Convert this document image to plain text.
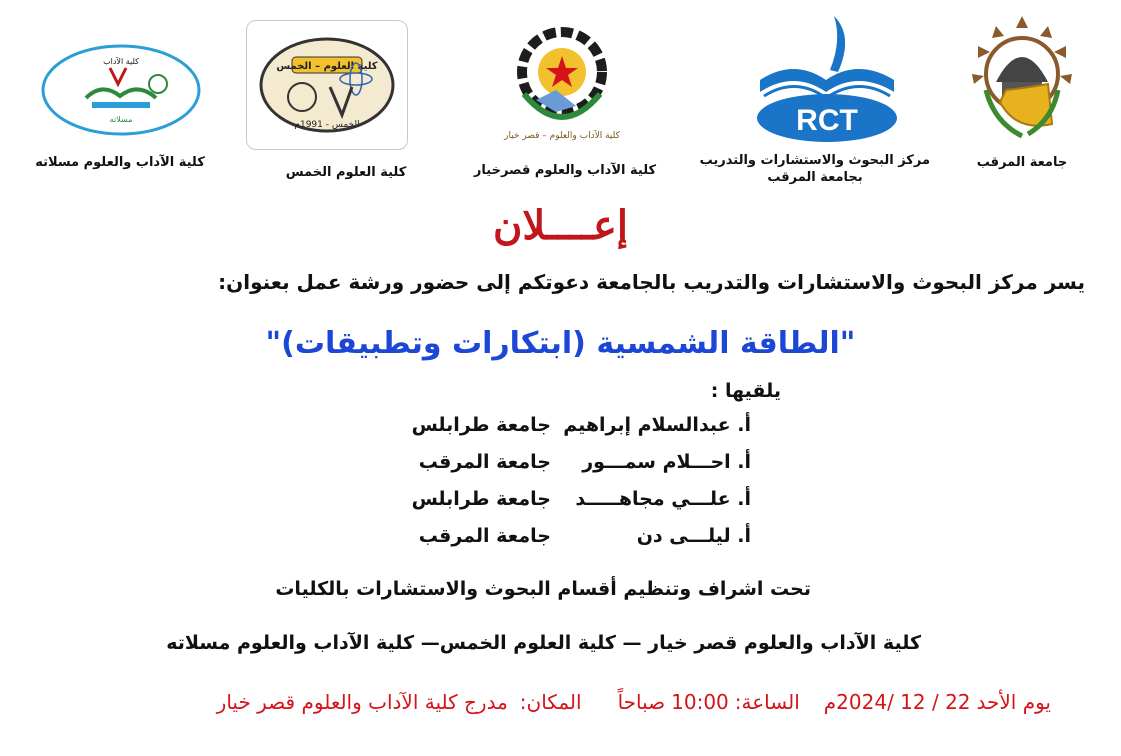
جامعة المرقب
RCT
مركز البحوث والاستشارات والتدريب
بجامعة المرقب
كلية الآداب والعلوم – قصر خيار
كلية الآداب والعلوم قصرخيار
كلية العلوم – الخمس
الخمس - 1991م
كلية العلوم الخمس
كلية الآداب
مسلاته
كلية الآداب والعلوم مسلاته
إعــــلان
يسر مركز البحوث والاستشارات والتدريب بالجامعة دعوتكم إلى حضور ورشة عمل بعنوان:
"الطاقة الشمسية (ابتكارات وتطبيقات)"
يلقيها :
أ. عبدالسلام إبراهيم
جامعة طرابلس
أ. احـــلام سمـــور
جامعة المرقب
أ. علـــي مجاهـــــد
جامعة طرابلس
أ. ليلـــى دن
جامعة المرقب
تحت اشراف وتنظيم أقسام البحوث والاستشارات بالكليات
كلية الآداب والعلوم قصر خيار — كلية العلوم الخمس— كلية الآداب والعلوم مسلاته
يوم الأحد
22 / 12 /2024م
الساعة:
10:00
صباحاً
المكان:
مدرج كلية الآداب والعلوم قصر خيار
